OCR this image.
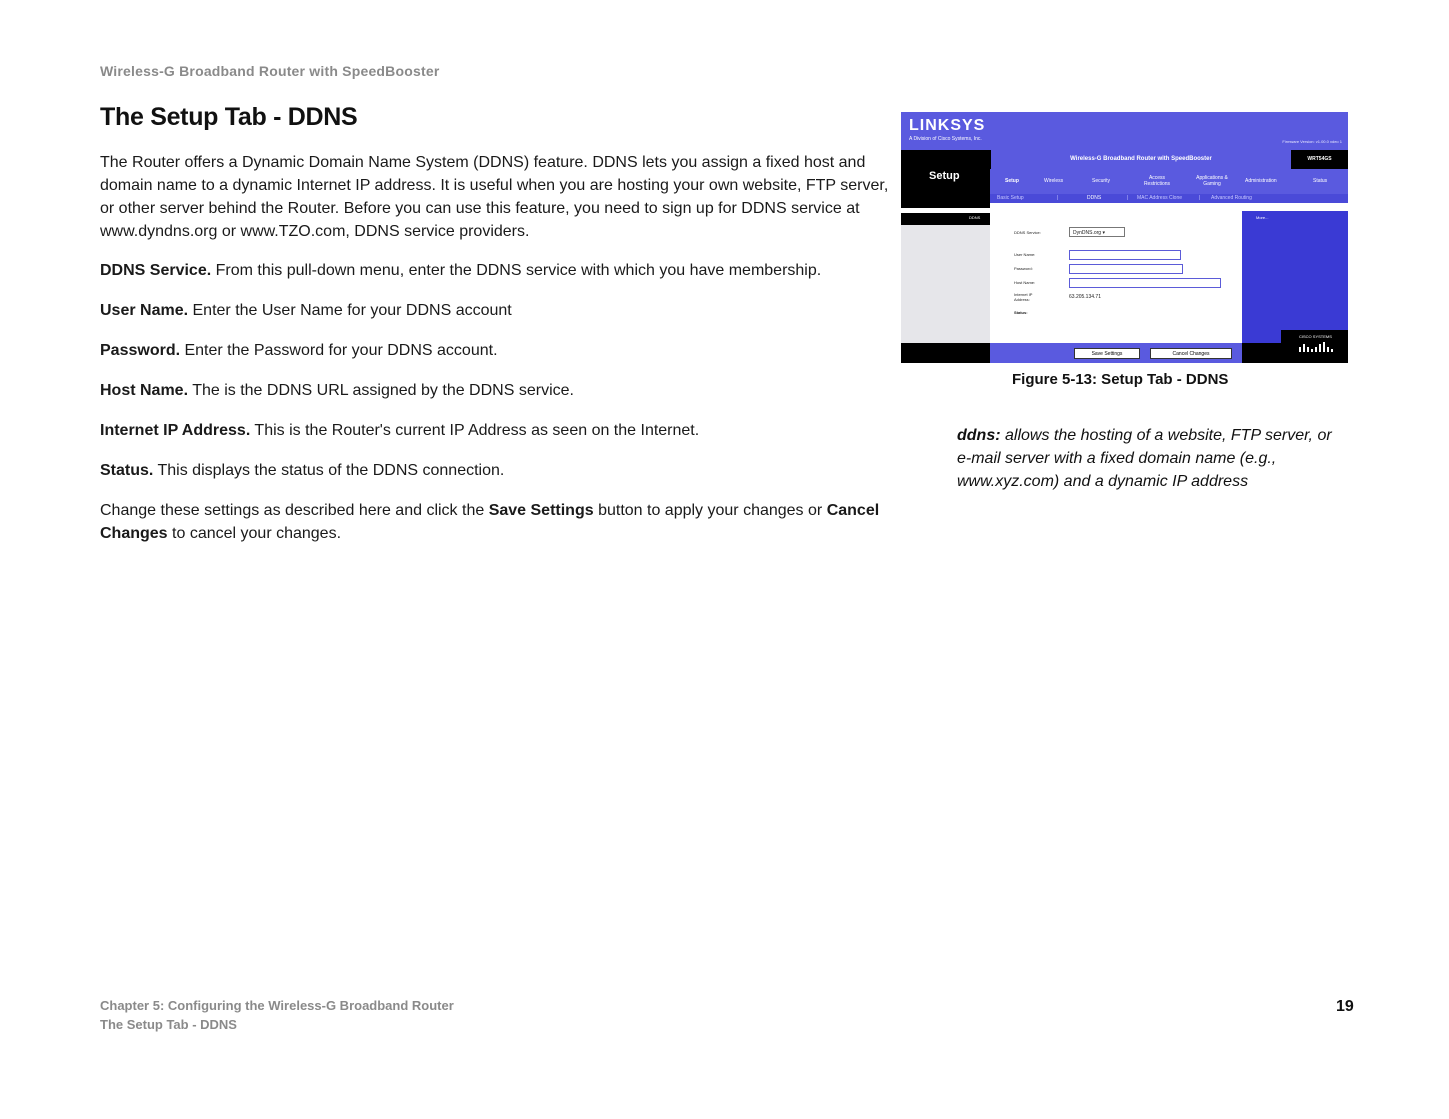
Wireless-G Broadband Router with SpeedBooster
The Setup Tab - DDNS

The Router offers a Dynamic Domain Name System (DDNS) feature. DDNS lets you assign a fixed host and domain name to a dynamic Internet IP address. It is useful when you are hosting your own website, FTP server, or other server behind the Router. Before you can use this feature, you need to sign up for DDNS service at www.dyndns.org or www.TZO.com, DDNS service providers.

DDNS Service. From this pull-down menu, enter the DDNS service with which you have membership.

User Name. Enter the User Name for your DDNS account

Password. Enter the Password for your DDNS account.

Host Name. The is the DDNS URL assigned by the DDNS service.

Internet IP Address. This is the Router's current IP Address as seen on the Internet.

Status. This displays the status of the DDNS connection.

Change these settings as described here and click the Save Settings button to apply your changes or Cancel Changes to cancel your changes.

LINKSYS
A Division of Cisco Systems, Inc.	Firmware Version: v1.00.0 xdeo 1
Setup
Wireless-G Broadband Router with SpeedBooster	WRT54GS
Setup	Wireless	Security	Access Restrictions
Applications & Gaming	Administration	Status
Basic Setup	|	DDNS	| MAC Address Clone	| Advanced Routing
DDNS	More...
DDNS Service:	DynDNS.org ▾
User Name:
Password:
Host Name:
Internet IP Address:	63.205.134.71
Status:
Save Settings	Cancel Changes
CISCO SYSTEMS
Figure 5-13: Setup Tab - DDNS
ddns: allows the hosting of a website, FTP server, or e-mail server with a fixed domain name (e.g., www.xyz.com) and a dynamic IP address
Chapter 5: Configuring the Wireless-G Broadband Router
The Setup Tab - DDNS
19
